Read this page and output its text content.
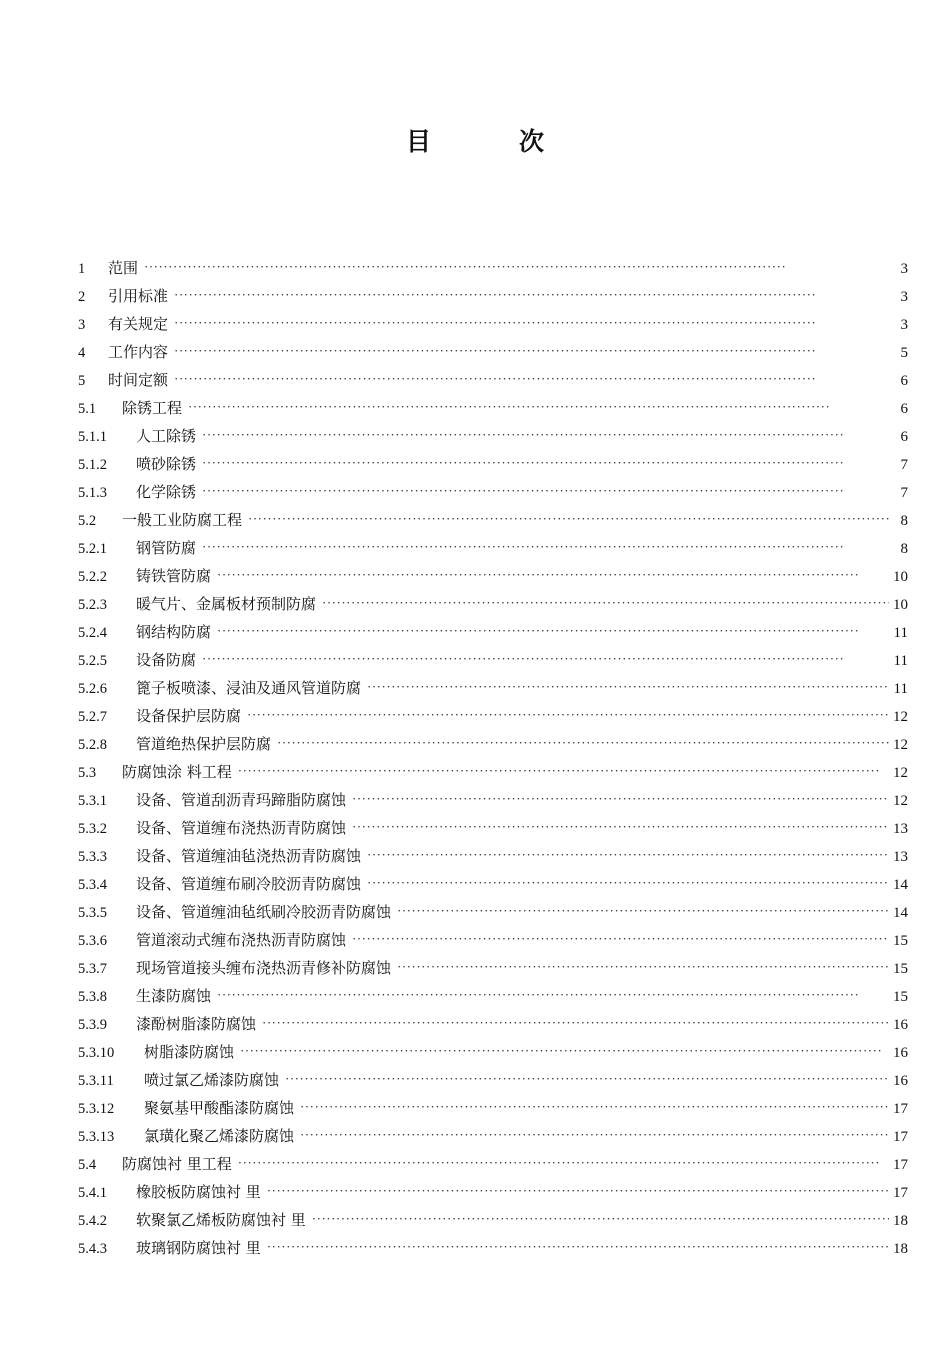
目	次
1	范围 ·····	3
2	引用标准 ·····	3
3	有关规定 ·····	3
4	工作内容 ·····	5
5	时间定额 ·····	6
5.1	除锈工程 ·····	6
5.1.1	人工除锈 ·····	6
5.1.2	喷砂除锈 ·····	7
5.1.3	化学除锈 ·····	7
5.2	一般工业防腐工程 ·····	8
5.2.1	钢管防腐 ·····	8
5.2.2	铸铁管防腐 ·····	10
5.2.3	暖气片、金属板材预制防腐 ·····	10
5.2.4	钢结构防腐 ·····	11
5.2.5	设备防腐 ·····	11
5.2.6	篦子板喷漆、浸油及通风管道防腐 ·····	11
5.2.7	设备保护层防腐 ·····	12
5.2.8	管道绝热保护层防腐 ·····	12
5.3	防腐蚀涂 料工程 ·····	12
5.3.1	设备、管道刮沥青玛蹄脂防腐蚀 ·····	12
5.3.2	设备、管道缠布浇热沥青防腐蚀 ·····	13
5.3.3	设备、管道缠油毡浇热沥青防腐蚀 ·····	13
5.3.4	设备、管道缠布刷冷胶沥青防腐蚀 ·····	14
5.3.5	设备、管道缠油毡纸刷冷胶沥青防腐蚀 ·····	14
5.3.6	管道滚动式缠布浇热沥青防腐蚀 ·····	15
5.3.7	现场管道接头缠布浇热沥青修补防腐蚀 ·····	15
5.3.8	生漆防腐蚀 ·····	15
5.3.9	漆酚树脂漆防腐蚀 ·····	16
5.3.10	树脂漆防腐蚀 ·····	16
5.3.11	喷过氯乙烯漆防腐蚀 ·····	16
5.3.12	聚氨基甲酸酯漆防腐蚀 ·····	17
5.3.13	氯璜化聚乙烯漆防腐蚀 ·····	17
5.4	防腐蚀衬 里工程 ·····	17
5.4.1	橡胶板防腐蚀衬 里 ·····	17
5.4.2	软聚氯乙烯板防腐蚀衬 里 ·····	18
5.4.3	玻璃钢防腐蚀衬 里 ·····	18
